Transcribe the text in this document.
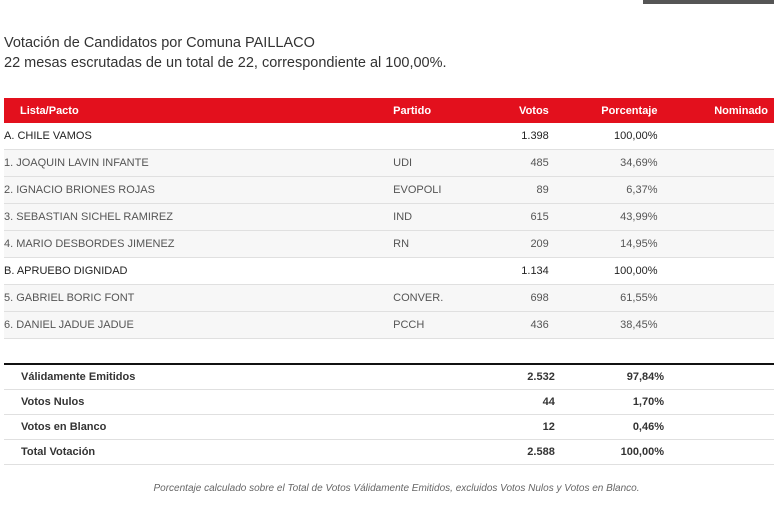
Votación de Candidatos por Comuna PAILLACO
22 mesas escrutadas de un total de 22, correspondiente al 100,00%.
Lista/Pacto	Partido	Votos	Porcentaje	Nominado
A. CHILE VAMOS		1.398	100,00%	
1. JOAQUIN LAVIN INFANTE	UDI	485	34,69%	
2. IGNACIO BRIONES ROJAS	EVOPOLI	89	6,37%	
3. SEBASTIAN SICHEL RAMIREZ	IND	615	43,99%	
4. MARIO DESBORDES JIMENEZ	RN	209	14,95%	
B. APRUEBO DIGNIDAD		1.134	100,00%	
5. GABRIEL BORIC FONT	CONVER.	698	61,55%	
6. DANIEL JADUE JADUE	PCCH	436	38,45%	

Válidamente Emitidos		2.532	97,84%	
Votos Nulos		44	1,70%	
Votos en Blanco		12	0,46%	
Total Votación		2.588	100,00%	
Porcentaje calculado sobre el Total de Votos Válidamente Emitidos, excluidos Votos Nulos y Votos en Blanco.
